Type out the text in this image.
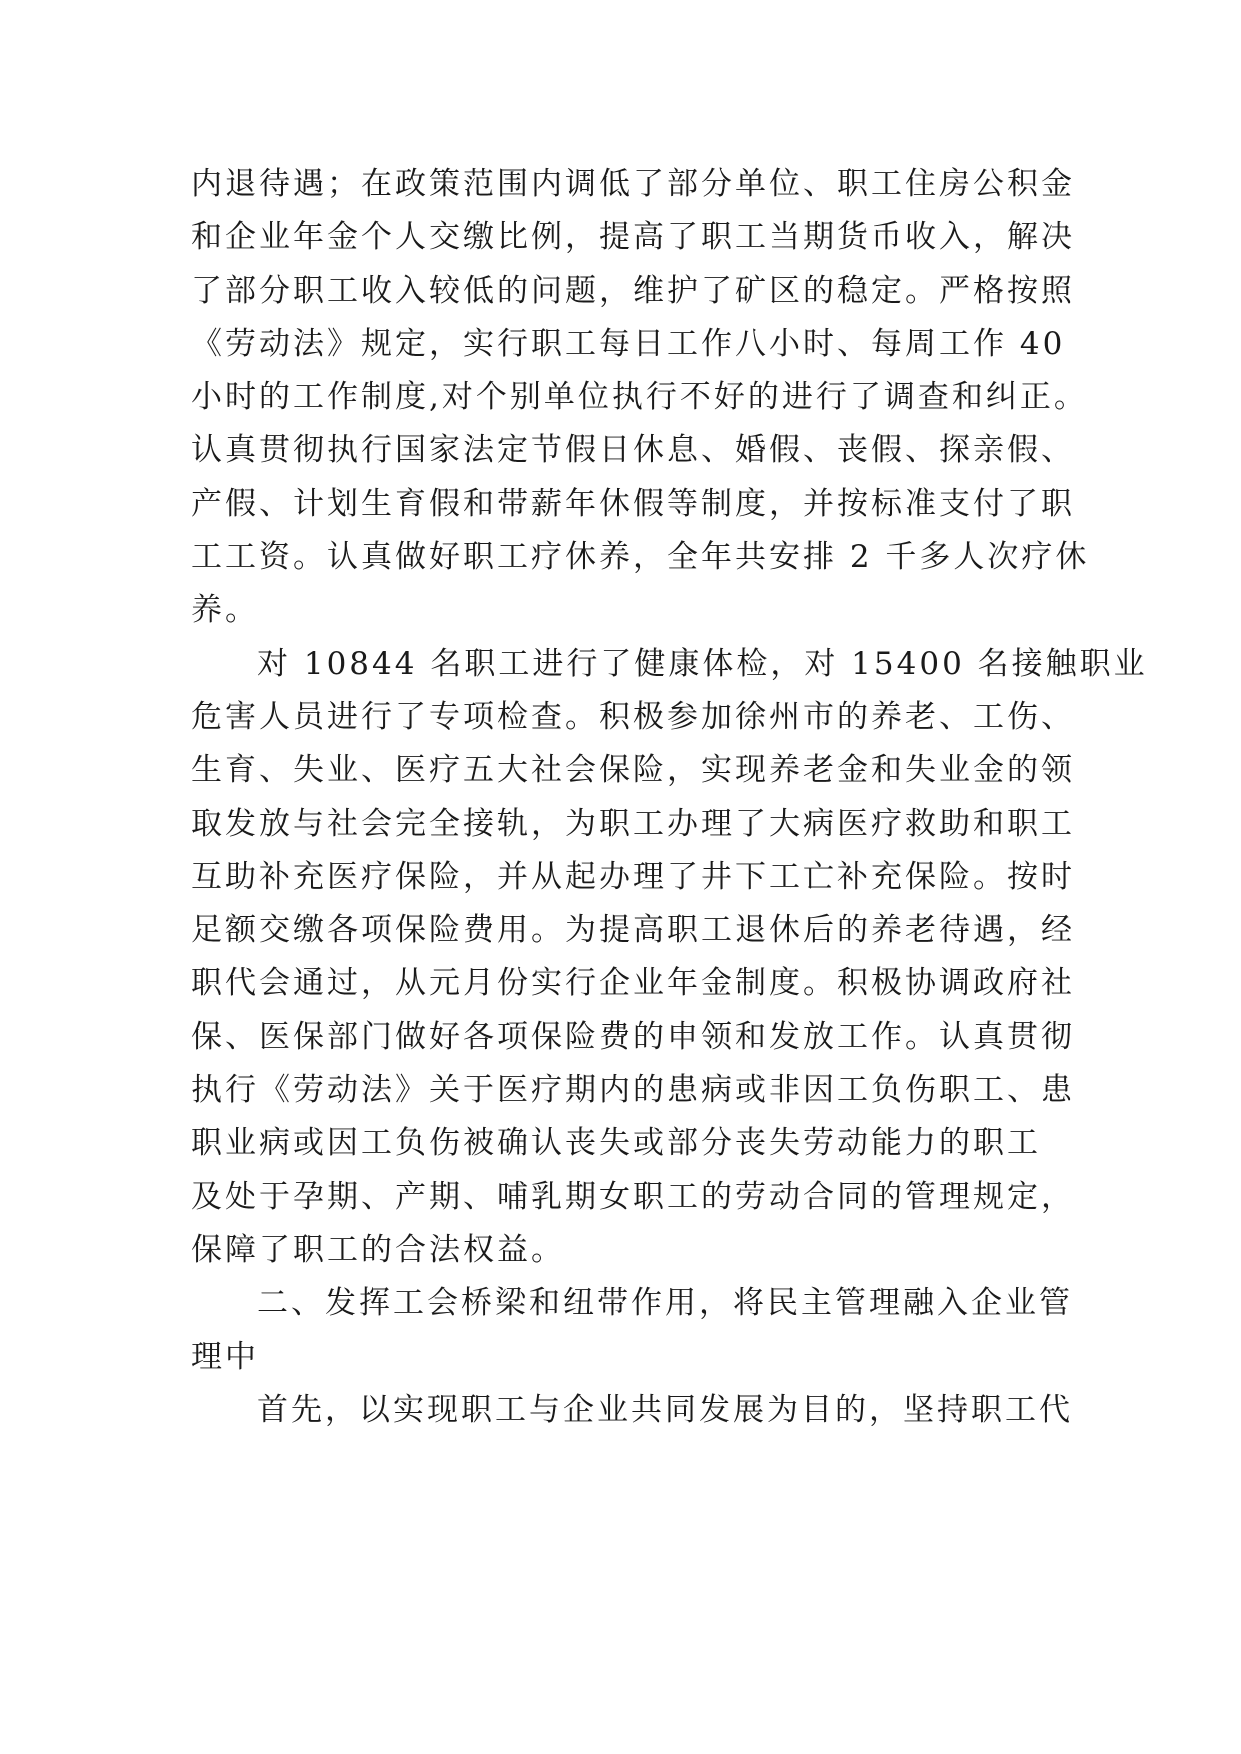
内退待遇；在政策范围内调低了部分单位、职工住房公积金
和企业年金个人交缴比例，提高了职工当期货币收入，解决
了部分职工收入较低的问题，维护了矿区的稳定。严格按照
《劳动法》规定，实行职工每日工作八小时、每周工作 40
小时的工作制度,对个别单位执行不好的进行了调查和纠正。
认真贯彻执行国家法定节假日休息、婚假、丧假、探亲假、
产假、计划生育假和带薪年休假等制度，并按标准支付了职
工工资。认真做好职工疗休养，全年共安排 2 千多人次疗休
养。
对 10844 名职工进行了健康体检，对 15400 名接触职业
危害人员进行了专项检查。积极参加徐州市的养老、工伤、
生育、失业、医疗五大社会保险，实现养老金和失业金的领
取发放与社会完全接轨，为职工办理了大病医疗救助和职工
互助补充医疗保险，并从起办理了井下工亡补充保险。按时
足额交缴各项保险费用。为提高职工退休后的养老待遇，经
职代会通过，从元月份实行企业年金制度。积极协调政府社
保、医保部门做好各项保险费的申领和发放工作。认真贯彻
执行《劳动法》关于医疗期内的患病或非因工负伤职工、患
职业病或因工负伤被确认丧失或部分丧失劳动能力的职工
及处于孕期、产期、哺乳期女职工的劳动合同的管理规定，
保障了职工的合法权益。
二、发挥工会桥梁和纽带作用，将民主管理融入企业管
理中
首先，以实现职工与企业共同发展为目的，坚持职工代
